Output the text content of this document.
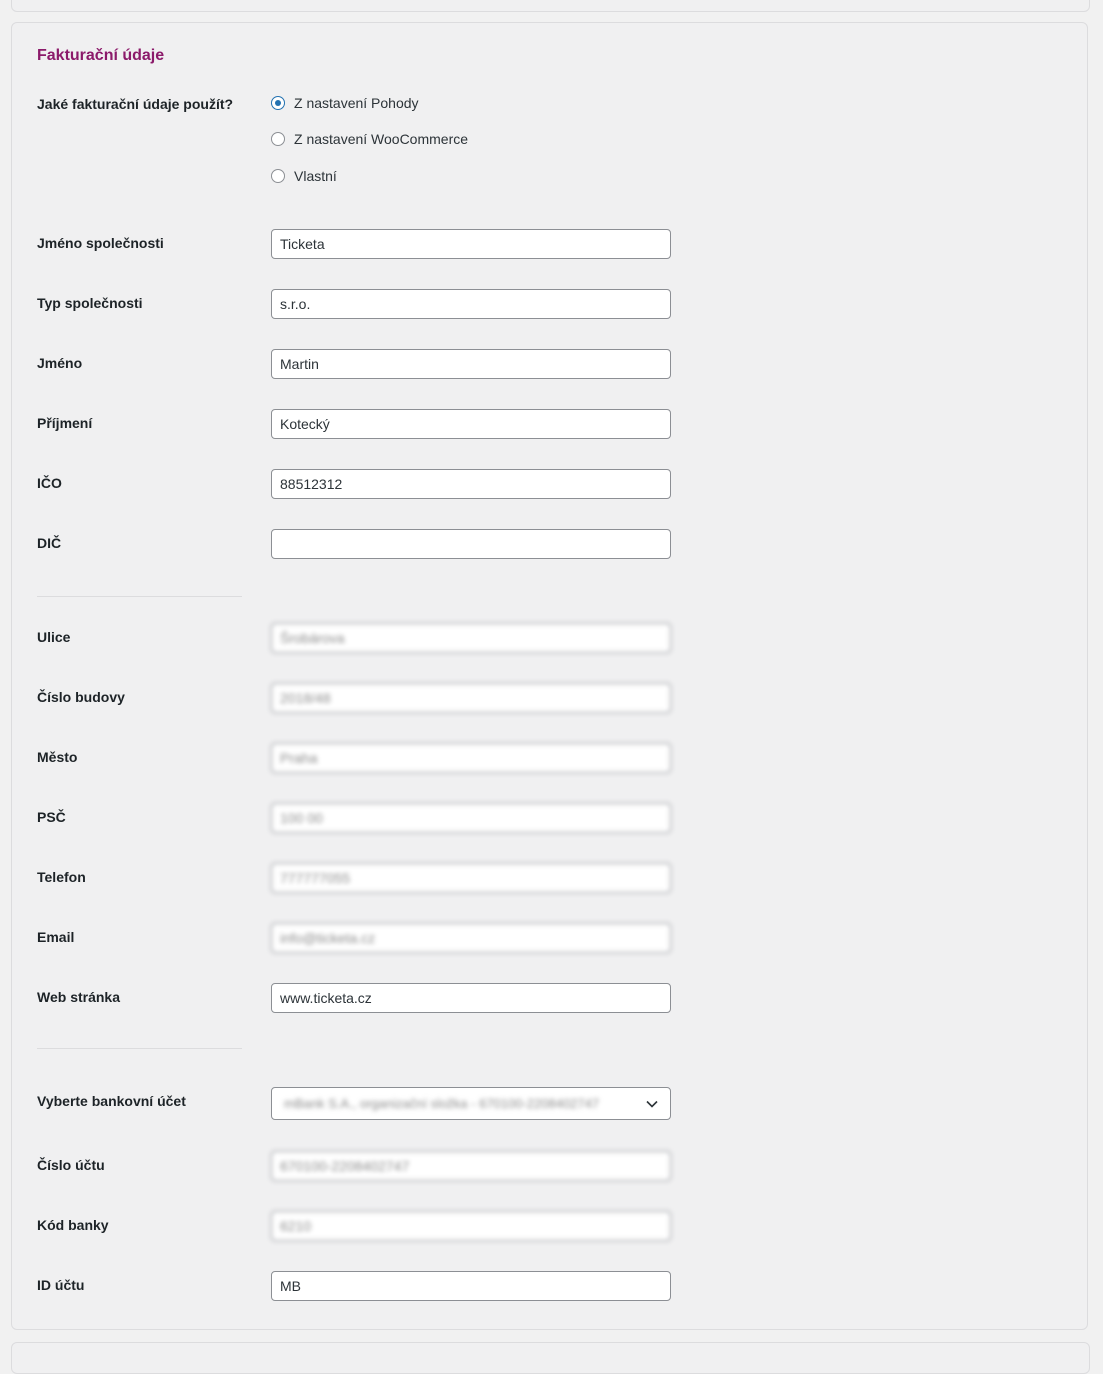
Fakturační údaje
Jaké fakturační údaje použít?	Z nastavení Pohody
Z nastavení WooCommerce
Vlastní
Jméno společnosti
Ticketa
Typ společnosti
s.r.o.
Jméno
Martin
Příjmení
Kotecký
IČO
88512312
DIČ
Ulice
Šrobárova
Číslo budovy
2018/48
Město
Praha
PSČ
100 00
Telefon
777777055
Email
info@ticketa.cz
Web stránka
www.ticketa.cz
Vyberte bankovní účet	mBank S.A., organizační složka - 670100-2208402747
Číslo účtu
670100-2208402747
Kód banky
6210
ID účtu
MB
